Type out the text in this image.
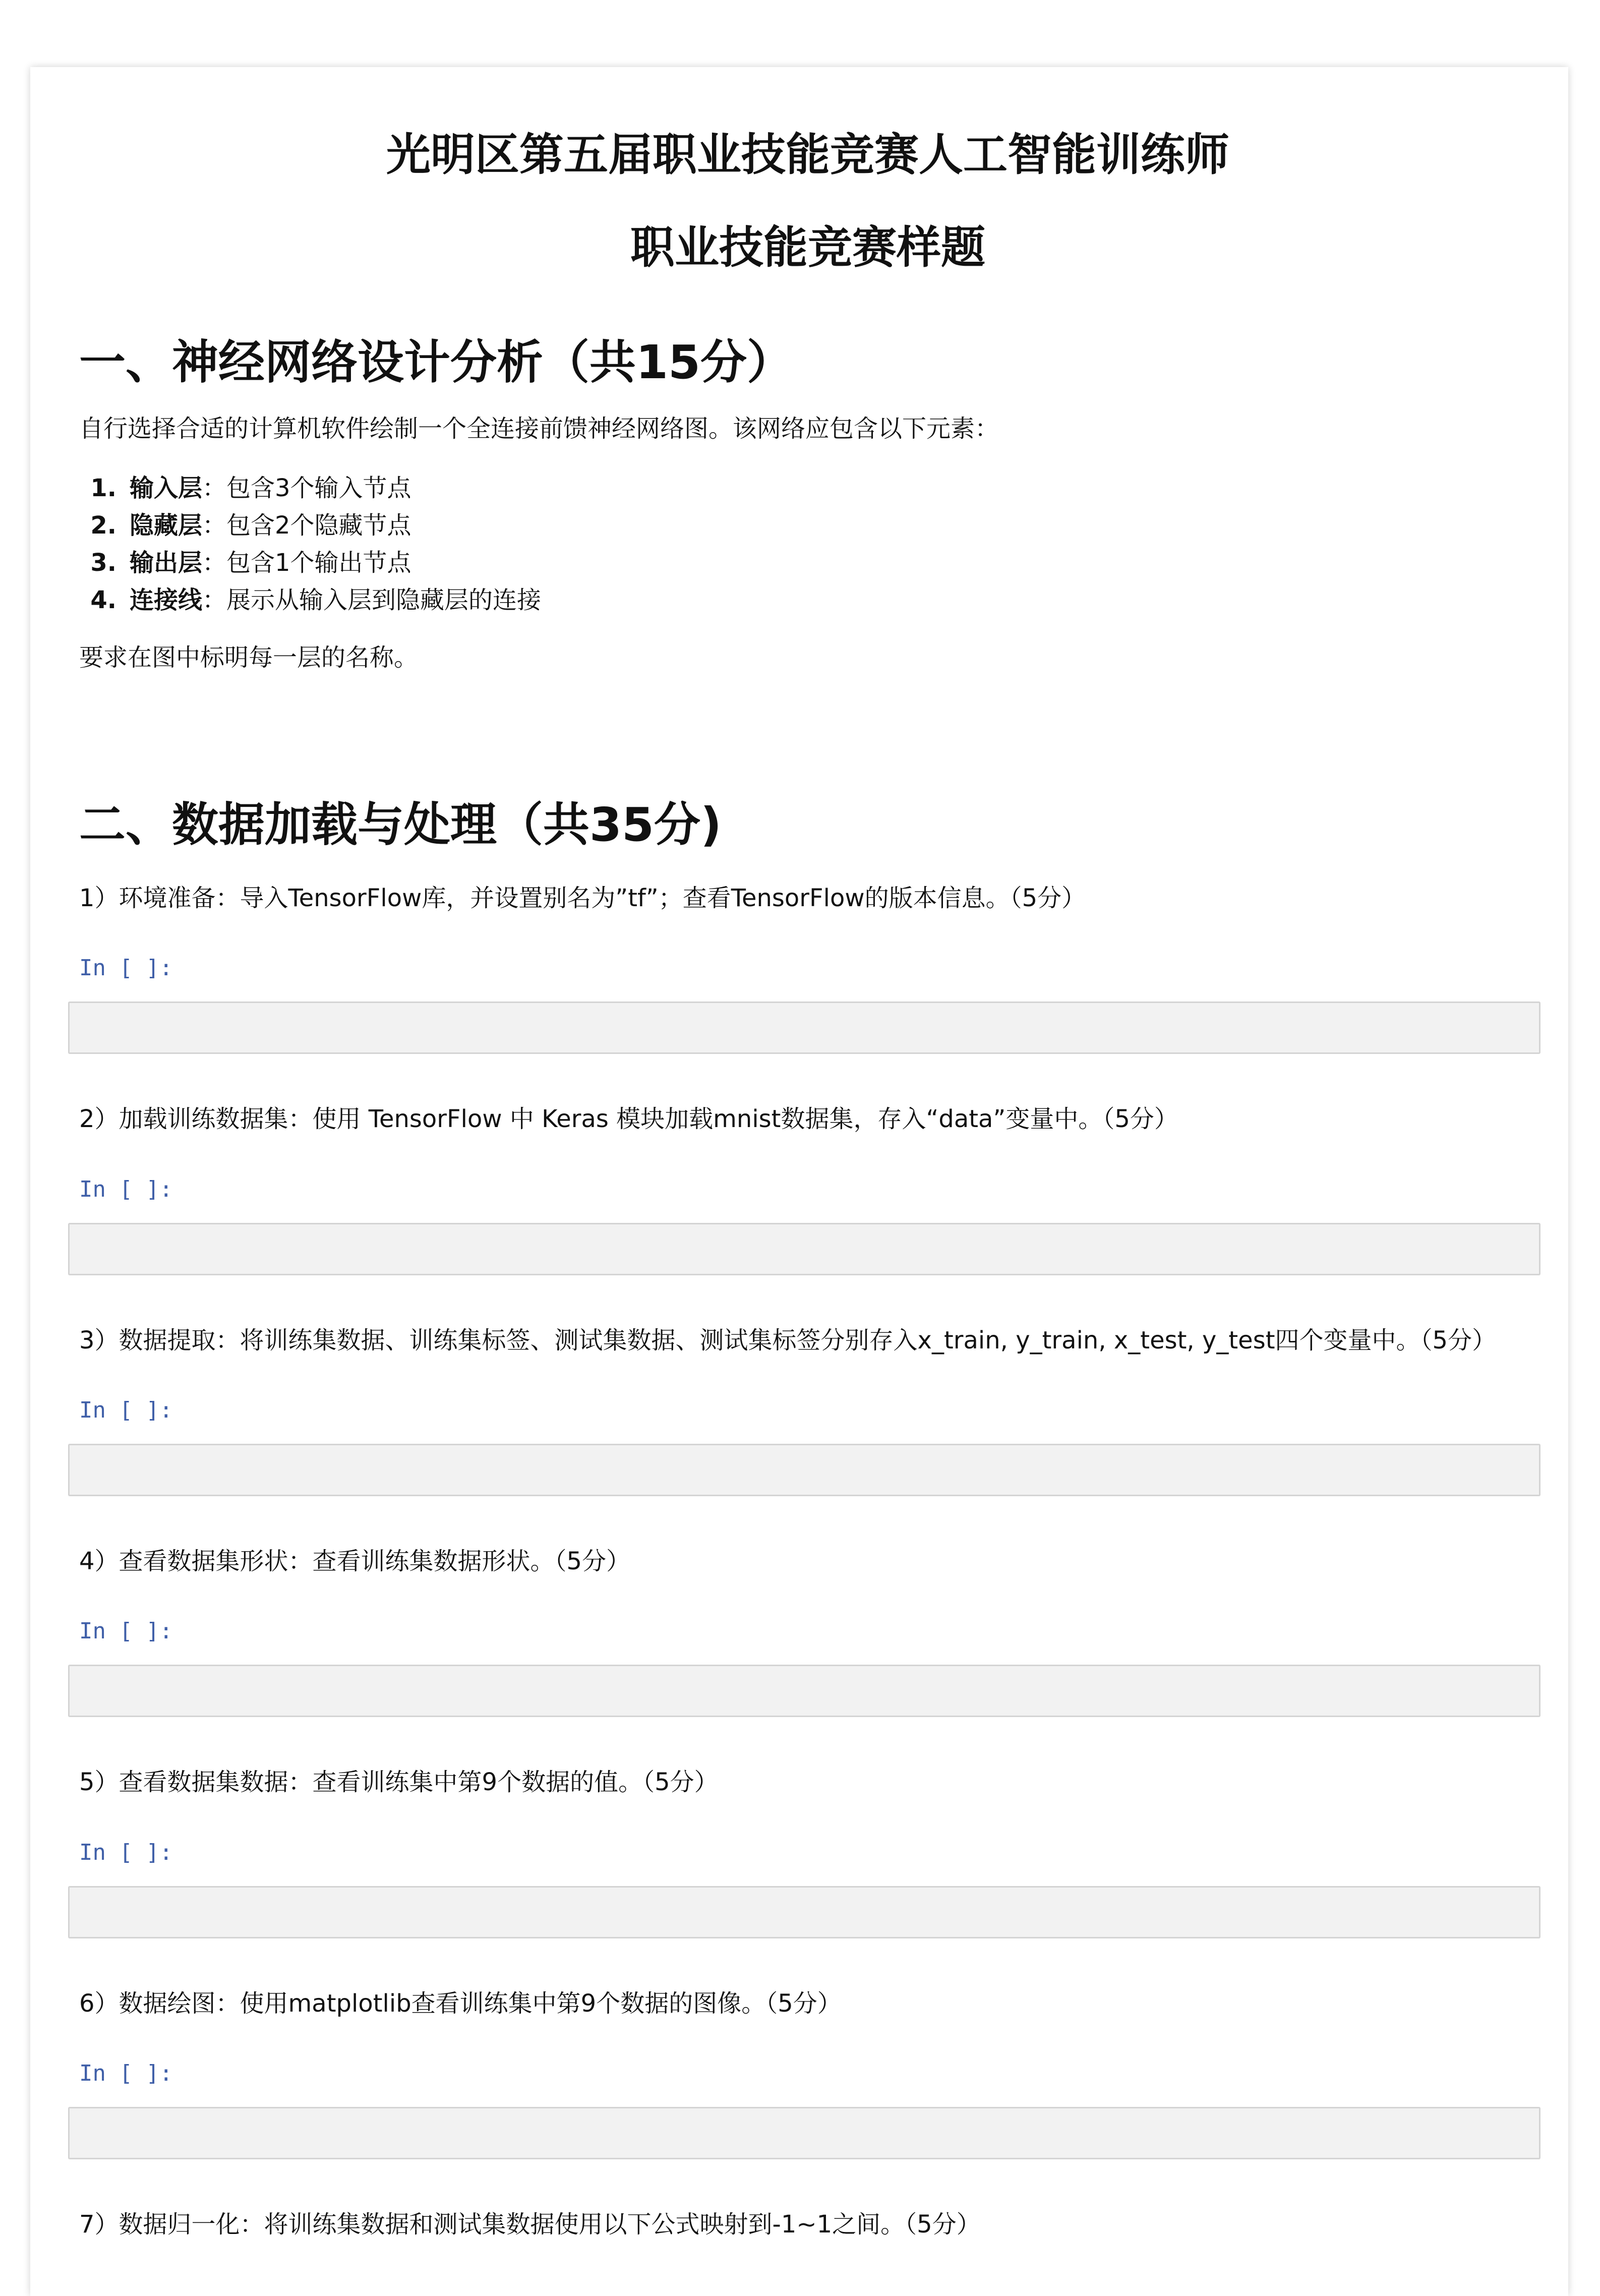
光明区第五届职业技能竞赛人工智能训练师
职业技能竞赛样题
一、神经网络设计分析（共15分）

自行选择合适的计算机软件绘制一个全连接前馈神经网络图。该网络应包含以下元素：

1. 输入层：包含3个输入节点
2. 隐藏层：包含2个隐藏节点
3. 输出层：包含1个输出节点
4. 连接线：展示从输入层到隐藏层的连接

要求在图中标明每一层的名称。

二、数据加载与处理（共35分)

1）环境准备：导入TensorFlow库，并设置别名为”tf”；查看TensorFlow的版本信息。（5分）

In [ ]:

2）加载训练数据集：使用 TensorFlow 中 Keras 模块加载mnist数据集，存入“data”变量中。（5分）

In [ ]:

3）数据提取：将训练集数据、训练集标签、测试集数据、测试集标签分别存入x_train, y_train, x_test, y_test四个变量中。（5分）

In [ ]:

4）查看数据集形状：查看训练集数据形状。（5分）

In [ ]:

5）查看数据集数据：查看训练集中第9个数据的值。（5分）

In [ ]:

6）数据绘图：使用matplotlib查看训练集中第9个数据的图像。（5分）

In [ ]:

7）数据归一化：将训练集数据和测试集数据使用以下公式映射到-1~1之间。（5分）
